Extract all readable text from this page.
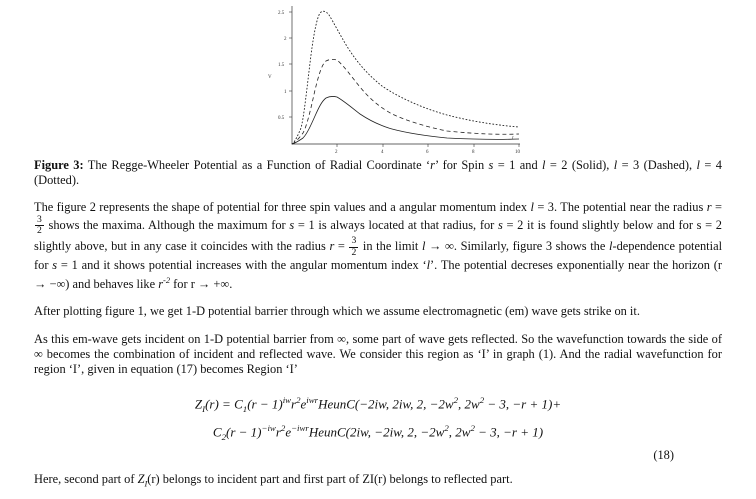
0.5
1
1.5
2
2.5
V
2	4	6	8	10
r
Figure 3: The Regge-Wheeler Potential as a Function of Radial Coordinate ‘r’ for Spin s = 1 and l = 2 (Solid), l = 3 (Dashed), l = 4 (Dotted).

The figure 2 represents the shape of potential for three spin values and a angular momentum index l = 3. The potential near the radius r =
$\frac{3}{2}$ shows the maxima. Although the maximum for s = 1 is always located at that radius, for s = 2 it is found slightly below and for s = 2 slightly above, but in any case it coincides with the radius $r = \frac{3}{2}$ in the limit l → ∞. Similarly, figure 3 shows the l-dependence potential for s = 1 and it shows potential increases with the angular momentum index ‘l’. The potential decreses exponentially near the horizon (r → −∞) and behaves like $r^{-2}$ for r → +∞.

After plotting figure 1, we get 1-D potential barrier through which we assume electromagnetic (em) wave gets strike on it.

As this em-wave gets incident on 1-D potential barrier from ∞, some part of wave gets reflected. So the wavefunction towards the side of ∞ becomes the combination of incident and reflected wave. We consider this region as ‘I’ in graph (1). And the radial wavefunction for region ‘I’, given in equation (17) becomes Region ‘I’

$Z_I(r) = C_1(r$ − $1)^{iw}r^2e^{iwr}HeunC(-2iw$, 2iw, 2, $-2w^2$, $2w^2 - 3$, −r + 1)+
$C_2(r$ − $1)^{-iw}r^2e^{-iwr}HeunC(2iw$, −2iw, 2, $-2w^2$, $2w^2 - 3$, −r + 1)
(18)
Here, second part of $Z_I(r)$ belongs to incident part and first part of ZI(r) belongs to reflected part.
